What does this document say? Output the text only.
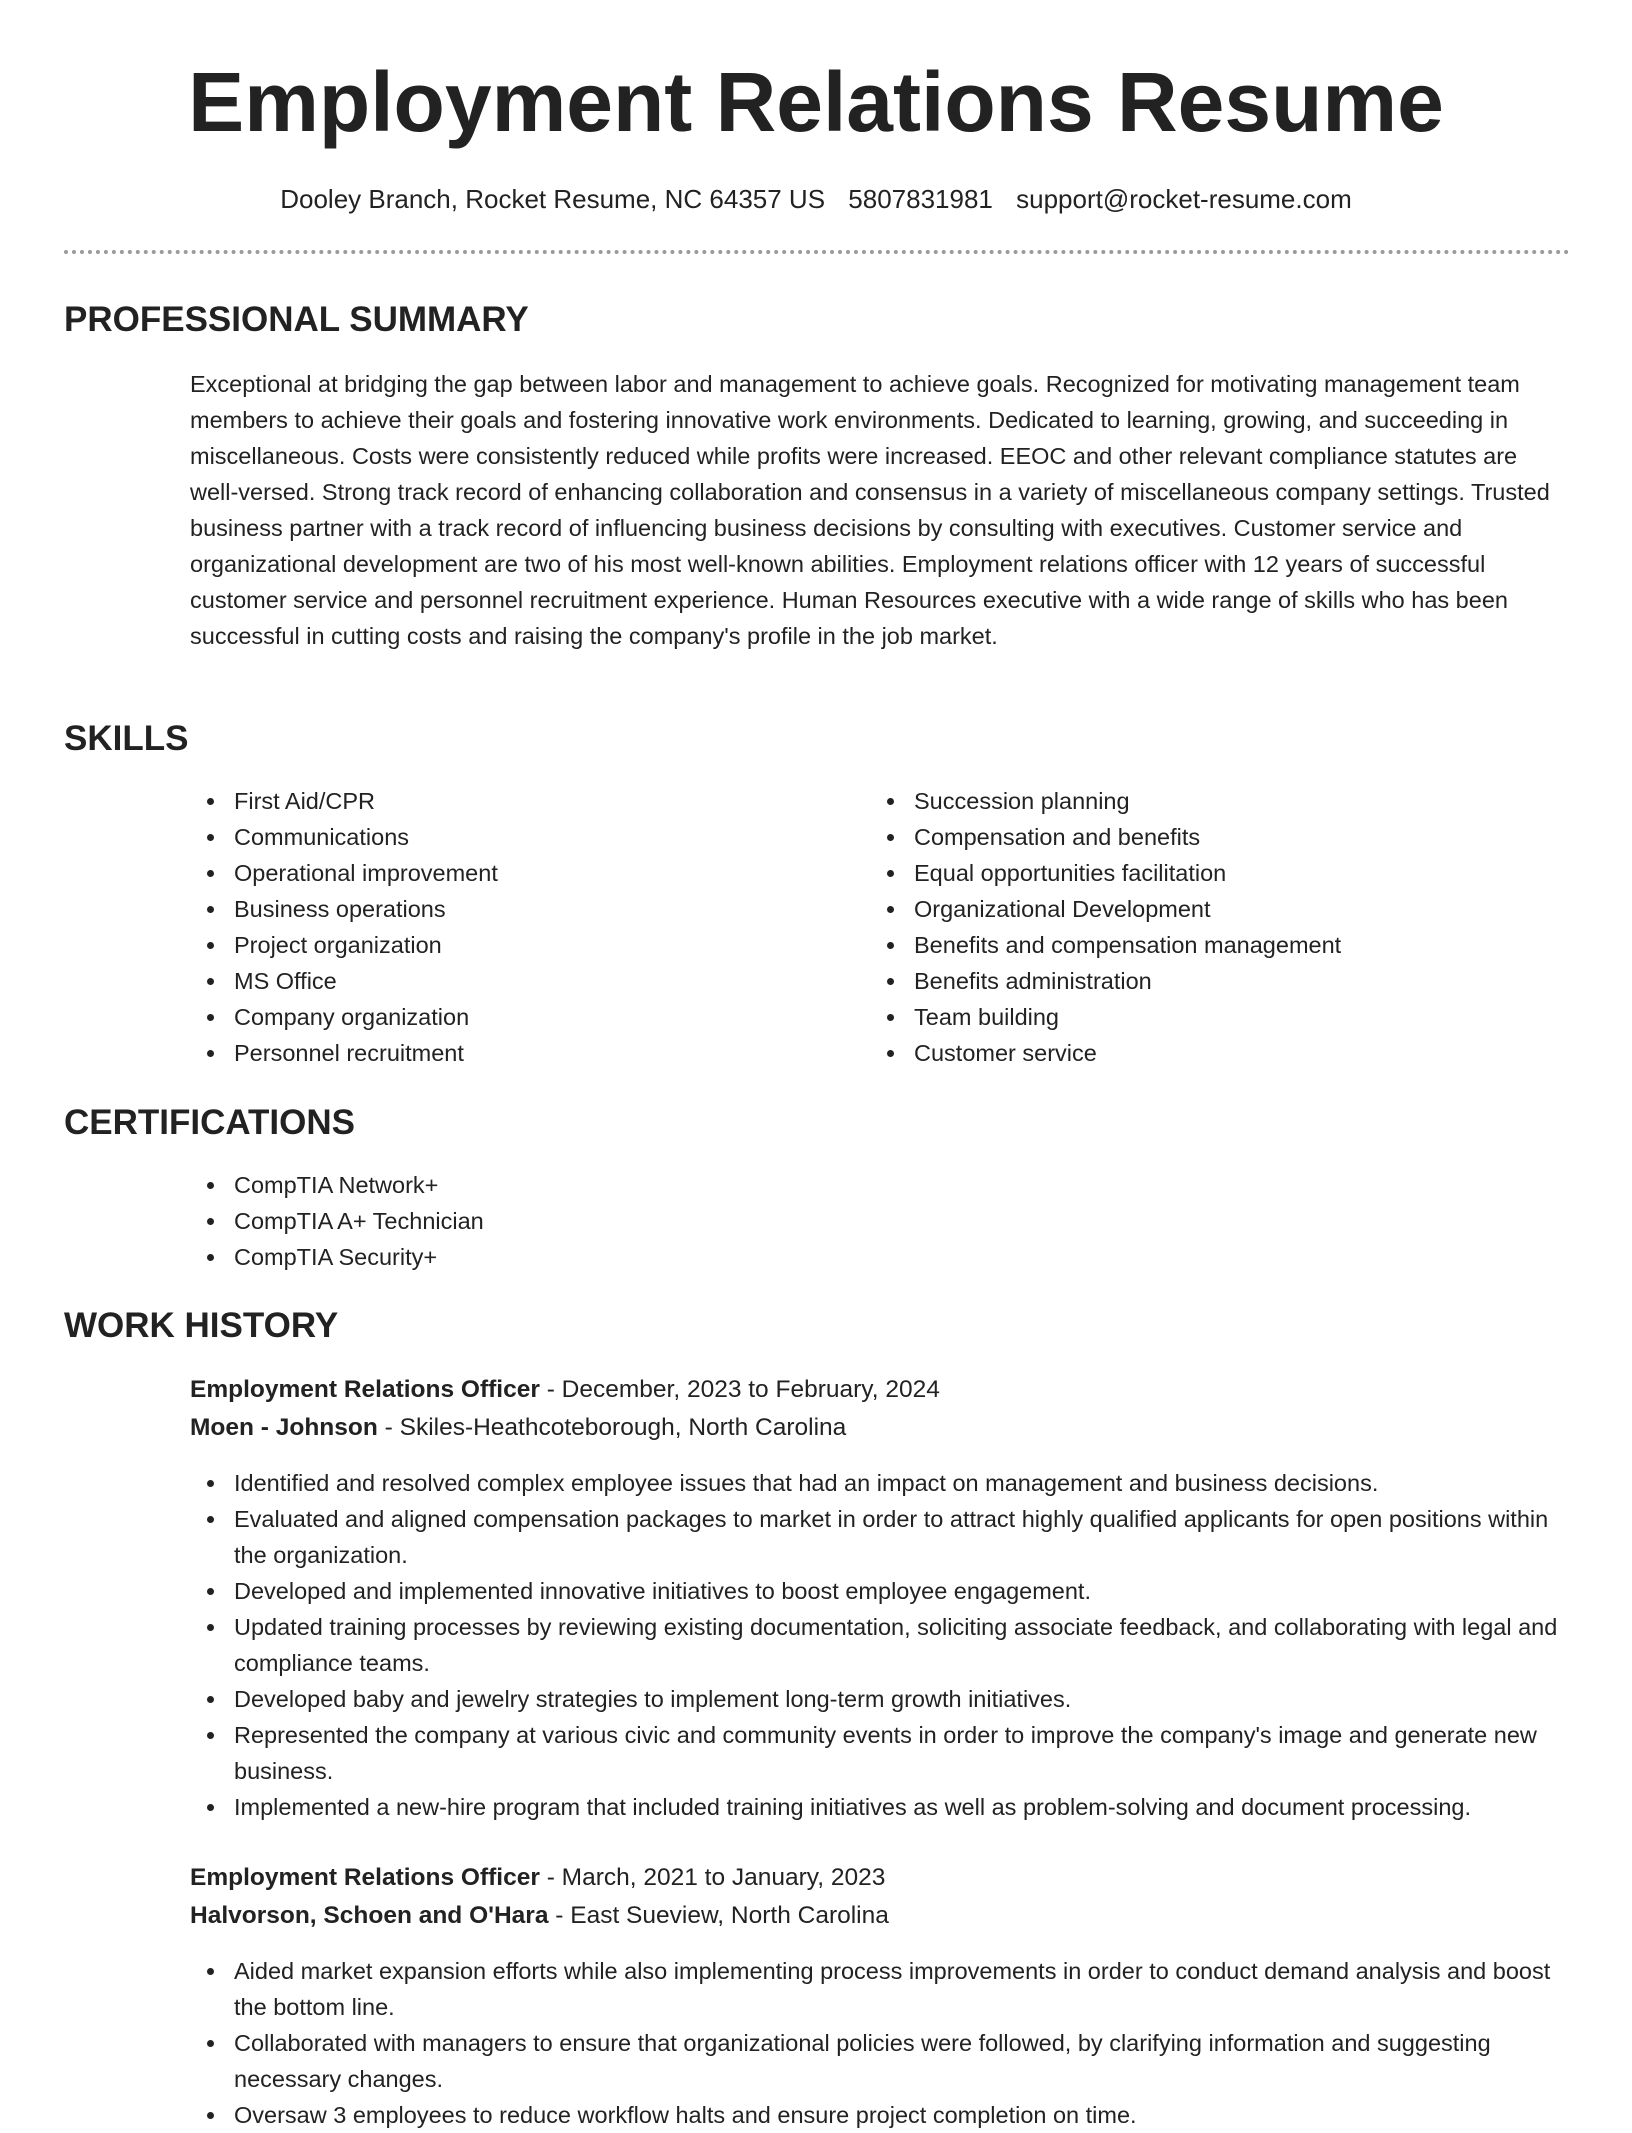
Employment Relations Resume
Dooley Branch, Rocket Resume, NC 64357 US 5807831981 support@rocket-resume.com
PROFESSIONAL SUMMARY

Exceptional at bridging the gap between labor and management to achieve goals. Recognized for motivating management team members to achieve their goals and fostering innovative work environments. Dedicated to learning, growing, and succeeding in miscellaneous. Costs were consistently reduced while profits were increased. EEOC and other relevant compliance statutes are well-versed. Strong track record of enhancing collaboration and consensus in a variety of miscellaneous company settings. Trusted business partner with a track record of influencing business decisions by consulting with executives. Customer service and organizational development are two of his most well-known abilities. Employment relations officer with 12 years of successful customer service and personnel recruitment experience. Human Resources executive with a wide range of skills who has been successful in cutting costs and raising the company's profile in the job market.

SKILLS
First Aid/CPR
Communications
Operational improvement
Business operations
Project organization
MS Office
Company organization
Personnel recruitment
Succession planning
Compensation and benefits
Equal opportunities facilitation
Organizational Development
Benefits and compensation management
Benefits administration
Team building
Customer service
CERTIFICATIONS
CompTIA Network+
CompTIA A+ Technician
CompTIA Security+
WORK HISTORY
Employment Relations Officer - December, 2023 to February, 2024
Moen - Johnson - Skiles-Heathcoteborough, North Carolina
Identified and resolved complex employee issues that had an impact on management and business decisions.
Evaluated and aligned compensation packages to market in order to attract highly qualified applicants for open positions within the organization.
Developed and implemented innovative initiatives to boost employee engagement.
Updated training processes by reviewing existing documentation, soliciting associate feedback, and collaborating with legal and compliance teams.
Developed baby and jewelry strategies to implement long-term growth initiatives.
Represented the company at various civic and community events in order to improve the company's image and generate new business.
Implemented a new-hire program that included training initiatives as well as problem-solving and document processing.
Employment Relations Officer - March, 2021 to January, 2023
Halvorson, Schoen and O'Hara - East Sueview, North Carolina
Aided market expansion efforts while also implementing process improvements in order to conduct demand analysis and boost the bottom line.
Collaborated with managers to ensure that organizational policies were followed, by clarifying information and suggesting necessary changes.
Oversaw 3 employees to reduce workflow halts and ensure project completion on time.
